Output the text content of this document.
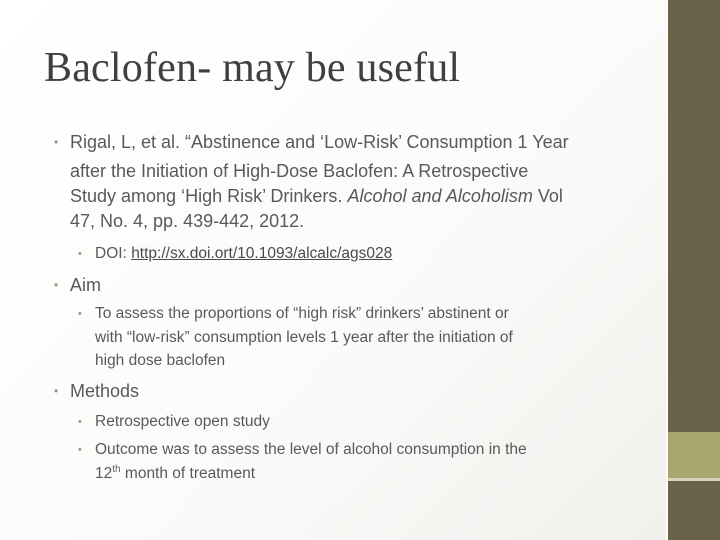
Baclofen- may be useful
• Rigal, L, et al. “Abstinence and ‘Low-Risk’ Consumption 1 Year
after the Initiation of High-Dose Baclofen: A Retrospective
Study among ‘High Risk’ Drinkers. Alcohol and Alcoholism Vol
47, No. 4, pp. 439-442, 2012.
• DOI: http://sx.doi.ort/10.1093/alcalc/ags028
• Aim
• To assess the proportions of “high risk” drinkers’ abstinent or
with “low-risk” consumption levels 1 year after the initiation of
high dose baclofen
• Methods
• Retrospective open study
• Outcome was to assess the level of alcohol consumption in the
12th month of treatment
